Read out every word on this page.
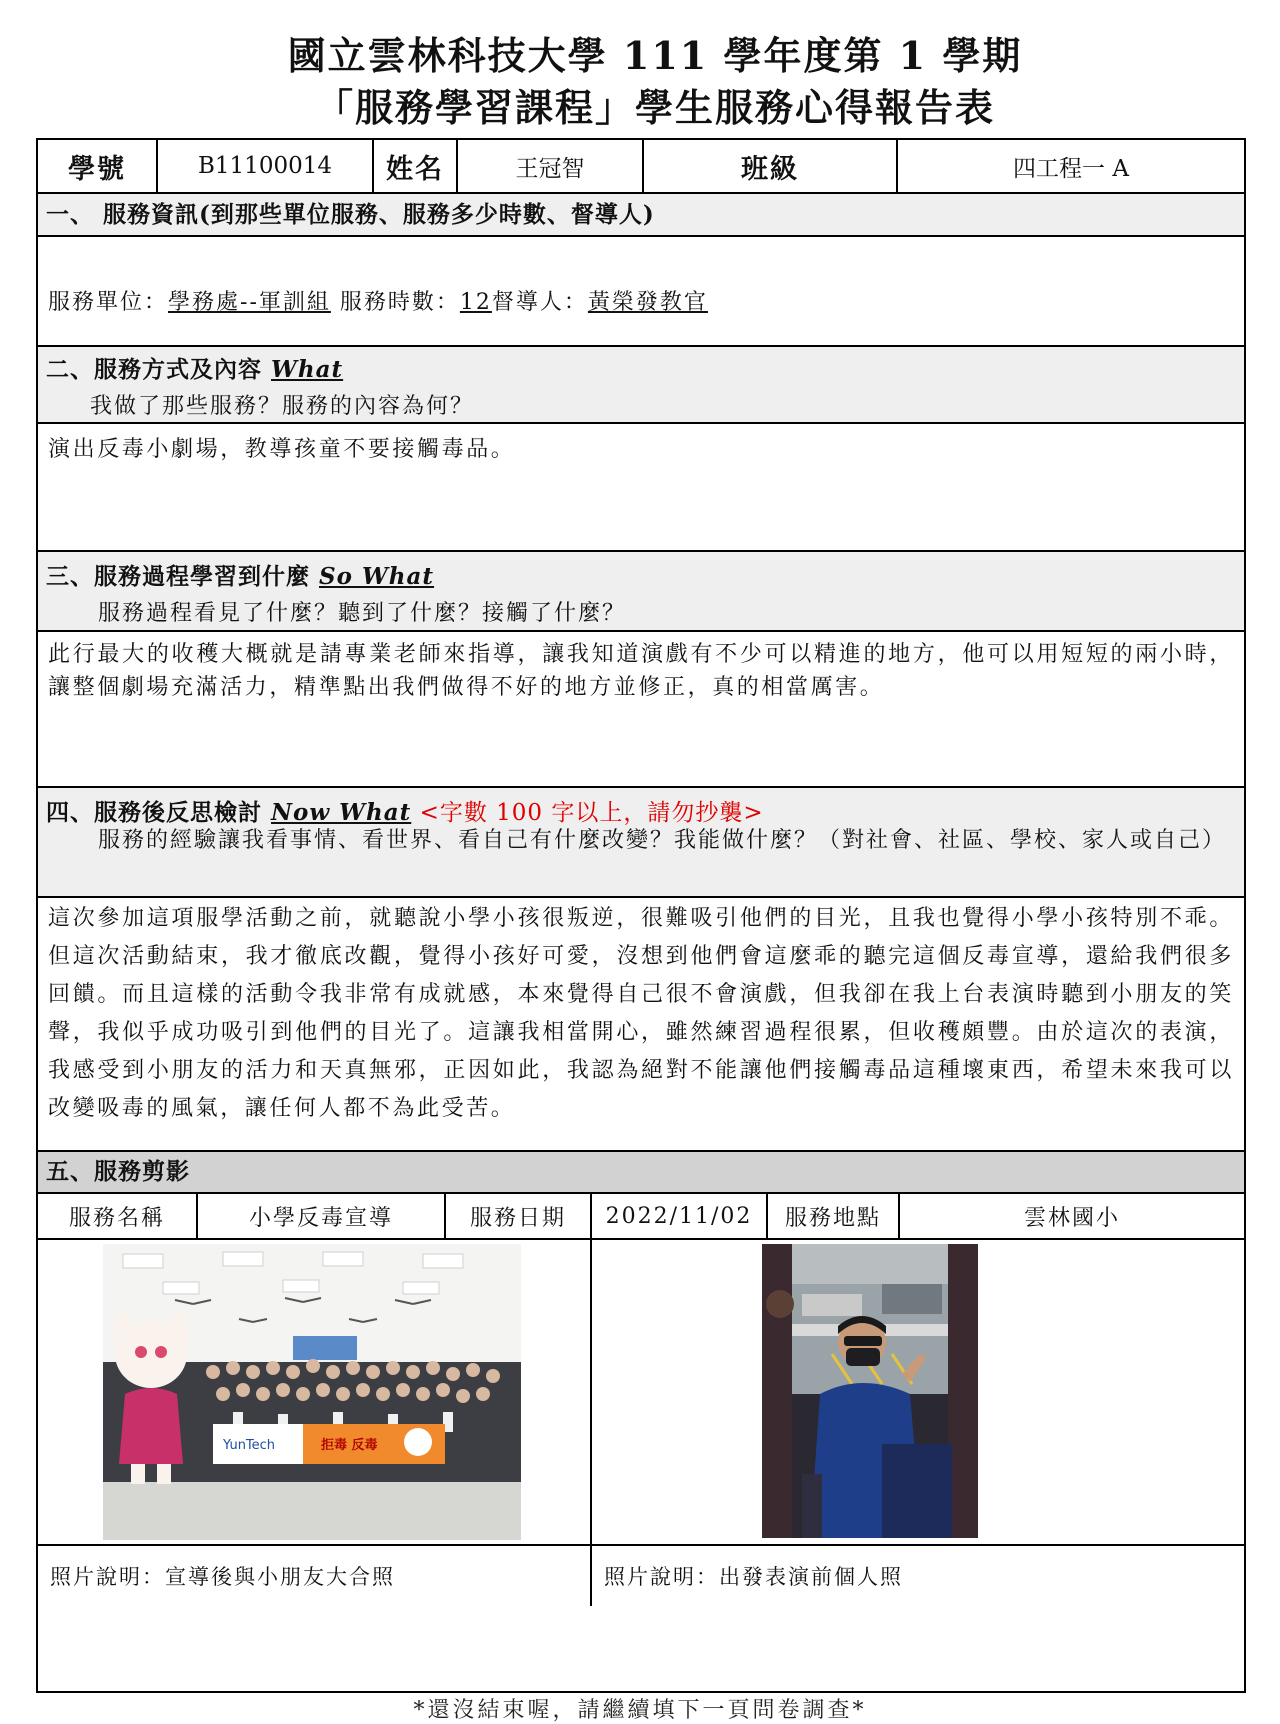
國立雲林科技大學 111 學年度第 1 學期
「服務學習課程」學生服務心得報告表
學號	B11100014	姓名	王冠智	班級	四工程一 A
一、 服務資訊(到那些單位服務、服務多少時數、督導人)
服務單位：學務處--軍訓組 服務時數：12督導人：黃榮發教官
二、服務方式及內容 What
我做了那些服務？服務的內容為何？
演出反毒小劇場，教導孩童不要接觸毒品。
三、服務過程學習到什麼 So What
服務過程看見了什麼？聽到了什麼？接觸了什麼？
此行最大的收穫大概就是請專業老師來指導，讓我知道演戲有不少可以精進的地方，他可以用短短的兩小時，讓整個劇場充滿活力，精準點出我們做得不好的地方並修正，真的相當厲害。
四、服務後反思檢討 Now What <字數 100 字以上，請勿抄襲>
服務的經驗讓我看事情、看世界、看自己有什麼改變？我能做什麼？（對社會、社區、學校、家人或自己）
這次參加這項服學活動之前，就聽說小學小孩很叛逆，很難吸引他們的目光，且我也覺得小學小孩特別不乖。但這次活動結束，我才徹底改觀，覺得小孩好可愛，沒想到他們會這麼乖的聽完這個反毒宣導，還給我們很多回饋。而且這樣的活動令我非常有成就感，本來覺得自己很不會演戲，但我卻在我上台表演時聽到小朋友的笑聲，我似乎成功吸引到他們的目光了。這讓我相當開心，雖然練習過程很累，但收穫頗豐。由於這次的表演，我感受到小朋友的活力和天真無邪，正因如此，我認為絕對不能讓他們接觸毒品這種壞東西，希望未來我可以改變吸毒的風氣，讓任何人都不為此受苦。
五、服務剪影
服務名稱	小學反毒宣導	服務日期	2022/11/02	服務地點	雲林國小
YunTech	拒毒 反毒
照片說明：宣導後與小朋友大合照	照片說明：出發表演前個人照
*還沒結束喔，請繼續填下一頁問卷調查*
